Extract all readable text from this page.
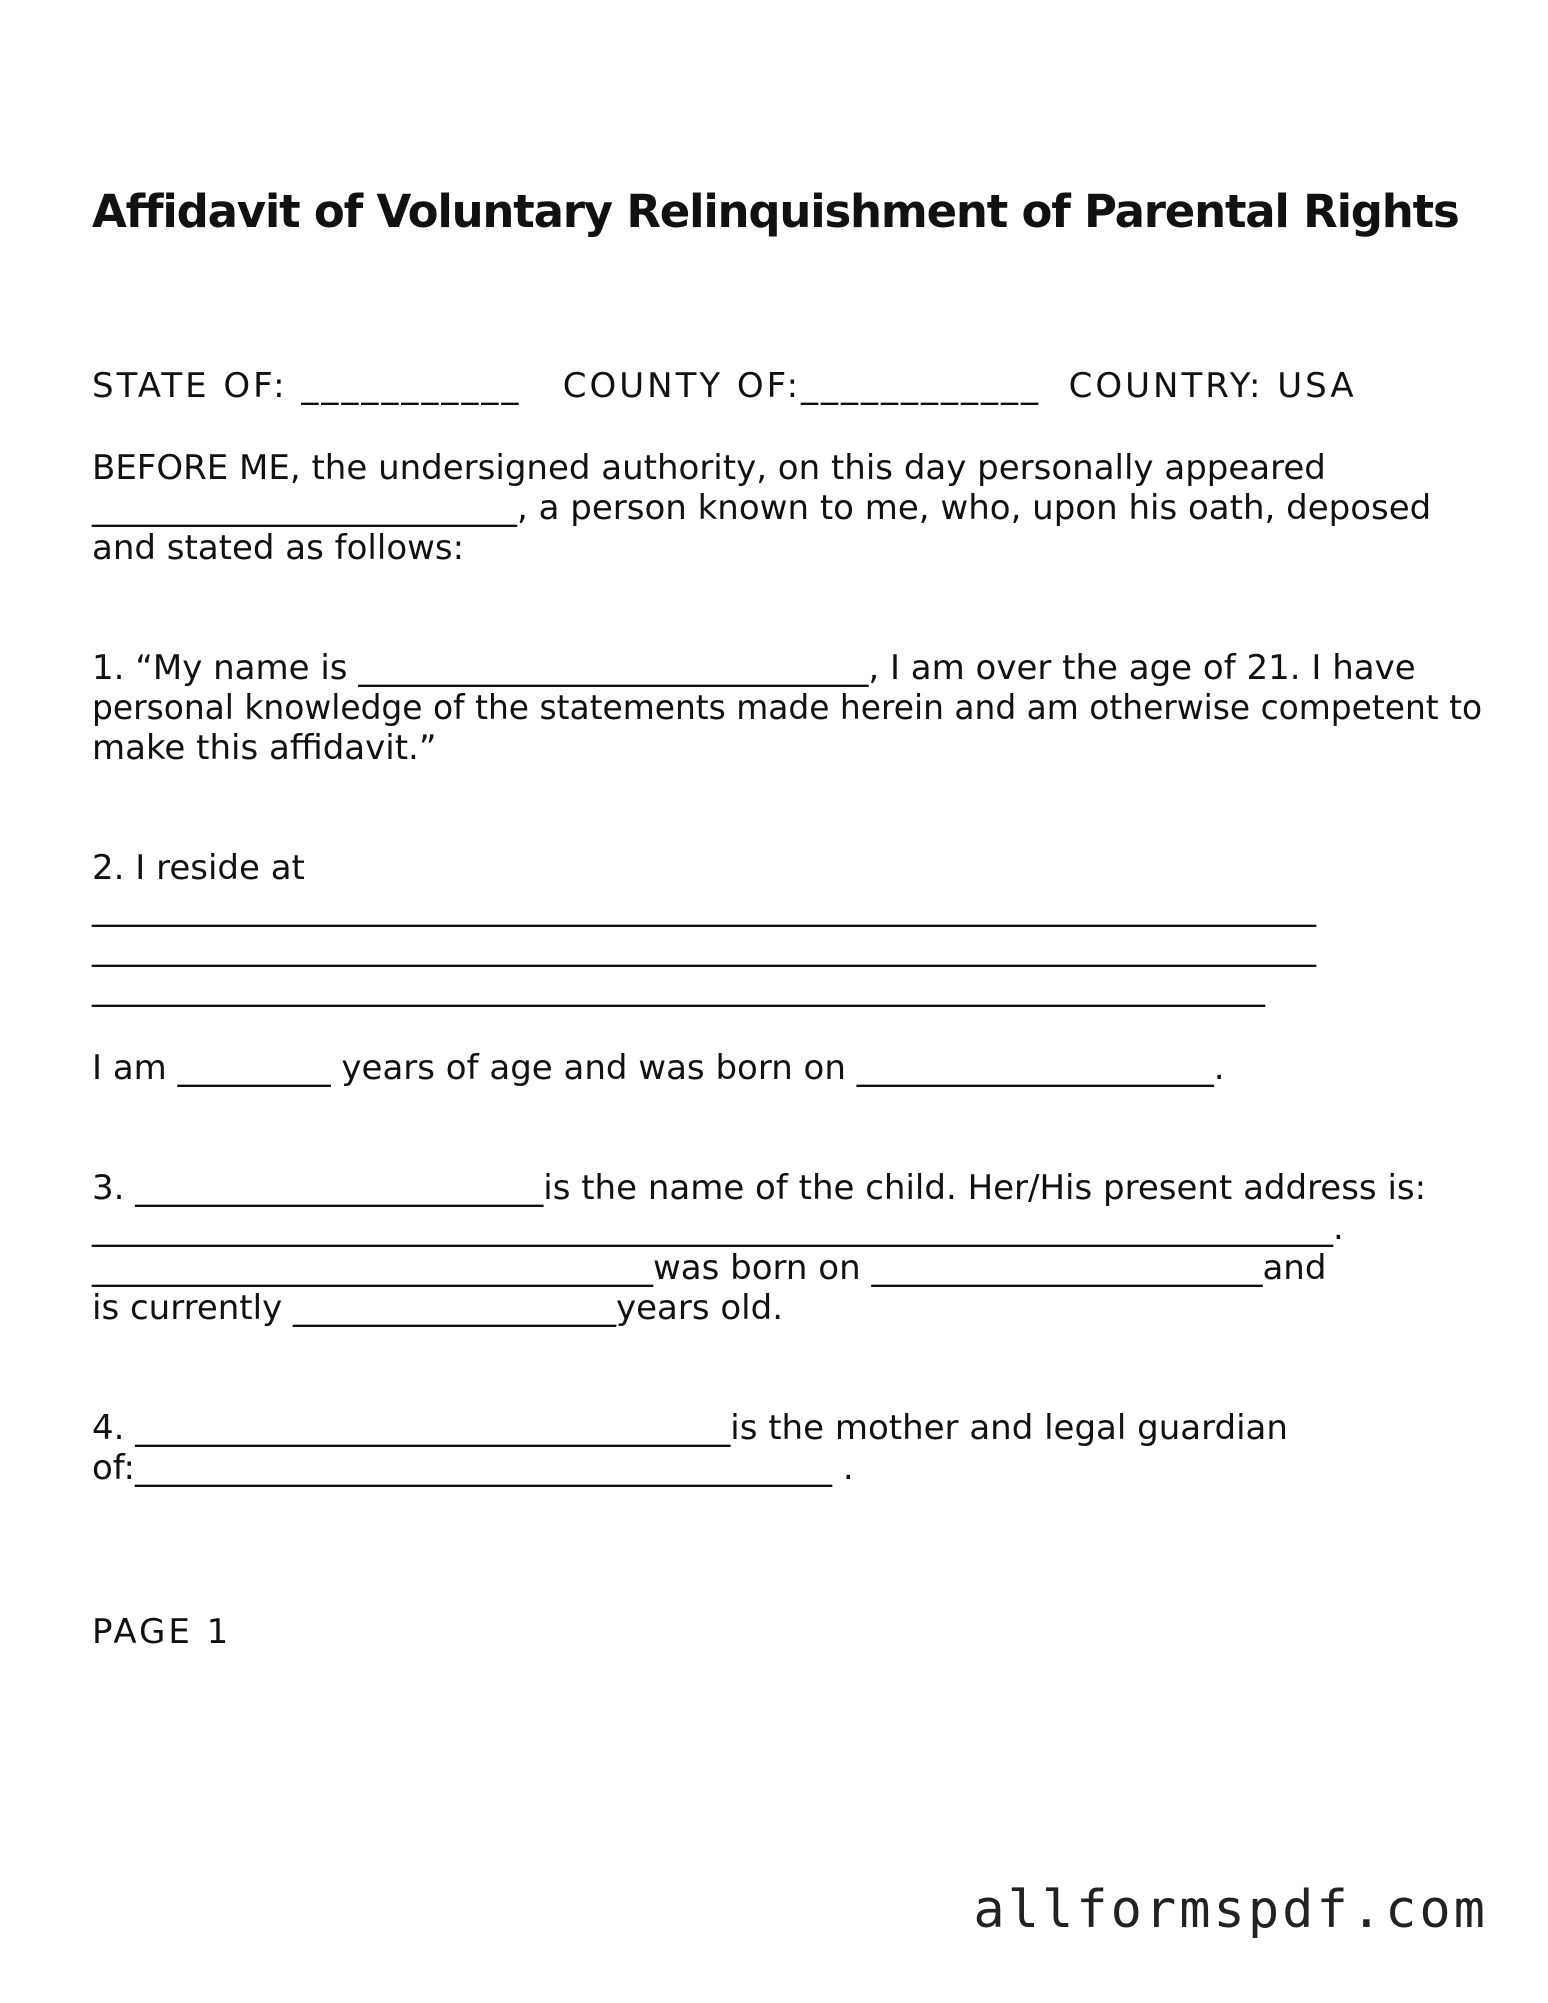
Affidavit of Voluntary Relinquishment of Parental Rights
STATE OF: ___________   COUNTY OF:____________  COUNTRY: USA
BEFORE ME, the undersigned authority, on this day personally appeared
_________________________, a person known to me, who, upon his oath, deposed
and stated as follows:
1. “My name is ______________________________, I am over the age of 21. I have
personal knowledge of the statements made herein and am otherwise competent to
make this affidavit.”
2. I reside at
________________________________________________________________________
________________________________________________________________________
_____________________________________________________________________
I am _________ years of age and was born on _____________________.
3. ________________________is the name of the child. Her/His present address is:
_________________________________________________________________________.
_________________________________was born on _______________________and
is currently ___________________years old.
4. ___________________________________is the mother and legal guardian
of:_________________________________________ .
PAGE 1
allformspdf.com
